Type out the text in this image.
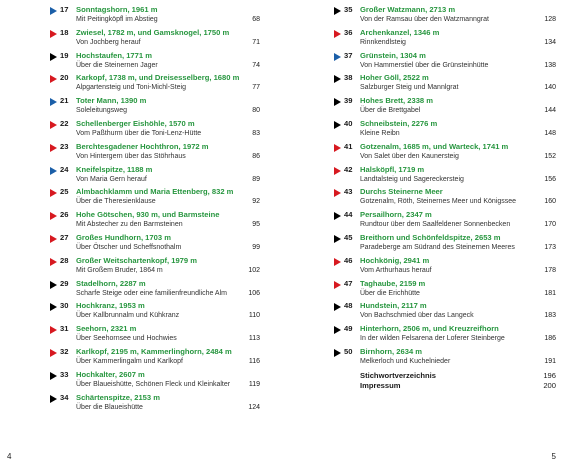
17 Sonntagshorn, 1961 m
Mit Peitingköpfl im Abstieg	68
18 Zwiesel, 1782 m, und Gamsknogel, 1750 m
Von Jochberg herauf	71
19 Hochstaufen, 1771 m
Über die Steinernen Jager	74
20 Karkopf, 1738 m, und Dreisesselberg, 1680 m
Alpgartensteig und Toni-Michl-Steig	77
21 Toter Mann, 1390 m
Soleleitungsweg	80
22 Schellenberger Eishöhle, 1570 m
Vom Paßthurm über die Toni-Lenz-Hütte	83
23 Berchtesgadener Hochthron, 1972 m
Von Hintergern über das Stöhrhaus	86
24 Kneifelspitze, 1188 m
Von Maria Gern herauf	89
25 Almbachklamm und Maria Ettenberg, 832 m
Über die Theresienklause	92
26 Hohe Götschen, 930 m, und Barmsteine
Mit Abstecher zu den Barmsteinen	95
27 Großes Hundhorn, 1703 m
Über Ötscher und Scheffsnothalm	99
28 Großer Weitschartenkopf, 1979 m
Mit Großem Bruder, 1864 m	102
29 Stadelhorn, 2287 m
Scharfe Steige oder eine familienfreundliche Alm	106
30 Hochkranz, 1953 m
Über Kallbrunnalm und Kühkranz	110
31 Seehorn, 2321 m
Über Seehornsee und Hochwies	113
32 Karlkopf, 2195 m, Kammerlinghorn, 2484 m
Über Kammerlingalm und Karlkopf	116
33 Hochkalter, 2607 m
Über Blaueishütte, Schönen Fleck und Kleinkalter	119
34 Schärtenspitze, 2153 m
Über die Blaueishütte	124
35 Großer Watzmann, 2713 m
Von der Ramsau über den Watzmanngrat	128
36 Archenkanzel, 1346 m
Rinnkendlsteig	134
37 Grünstein, 1304 m
Von Hammerstiel über die Grünsteinhütte	138
38 Hoher Göll, 2522 m
Salzburger Steig und Mannlgrat	140
39 Hohes Brett, 2338 m
Über die Brettgabel	144
40 Schneibstein, 2276 m
Kleine Reibn	148
41 Gotzenalm, 1685 m, und Warteck, 1741 m
Von Salet über den Kaunersteig	152
42 Halsköpfl, 1719 m
Landtalsteig und Sagereckersteig	156
43 Durchs Steinerne Meer
Gotzenalm, Röth, Steinernes Meer und Königssee	160
44 Persailhorn, 2347 m
Rundtour über dem Saalfeldener Sonnenbecken	170
45 Breithorn und Schönfeldspitze, 2653 m
Paradeberge am Südrand des Steinernen Meeres	173
46 Hochkönig, 2941 m
Vom Arthurhaus herauf	178
47 Taghaube, 2159 m
Über die Erichhütte	181
48 Hundstein, 2117 m
Von Bachschmied über das Langeck	183
49 Hinterhorn, 2506 m, und Kreuzreifhorn
In der wilden Felsarena der Loferer Steinberge	186
50 Birnhorn, 2634 m
Melkerloch und Kuchelnieder	191
Stichwortverzeichnis	196
Impressum	200
4	5
